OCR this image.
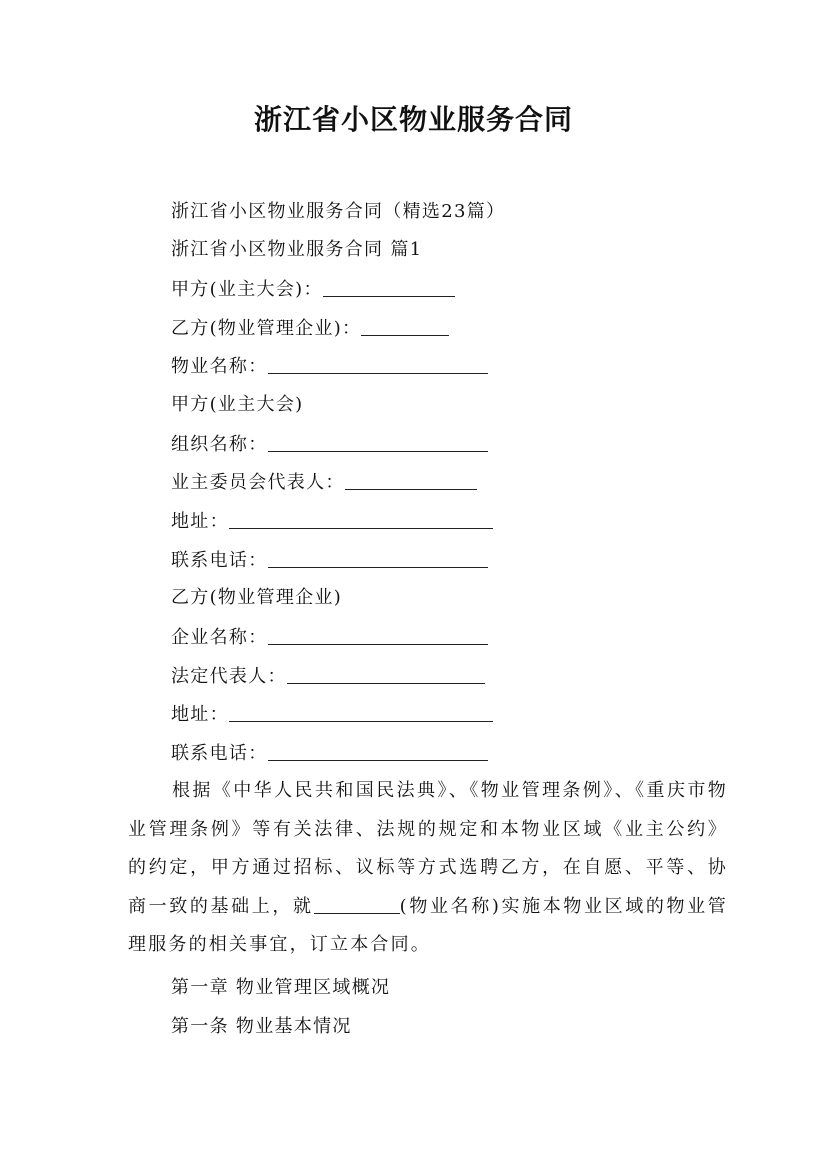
浙江省小区物业服务合同
浙江省小区物业服务合同（精选23篇）
浙江省小区物业服务合同 篇1
甲方(业主大会)：
乙方(物业管理企业)：
物业名称：
甲方(业主大会)
组织名称：
业主委员会代表人：
地址：
联系电话：
乙方(物业管理企业)
企业名称：
法定代表人：
地址：
联系电话：

根据《中华人民共和国民法典》、《物业管理条例》、《重庆市物业管理条例》等有关法律、法规的规定和本物业区域《业主公约》的约定，甲方通过招标、议标等方式选聘乙方，在自愿、平等、协商一致的基础上，就	(物业名称)实施本物业区域的物业管理服务的相关事宜，订立本合同。

第一章 物业管理区域概况
第一条 物业基本情况
